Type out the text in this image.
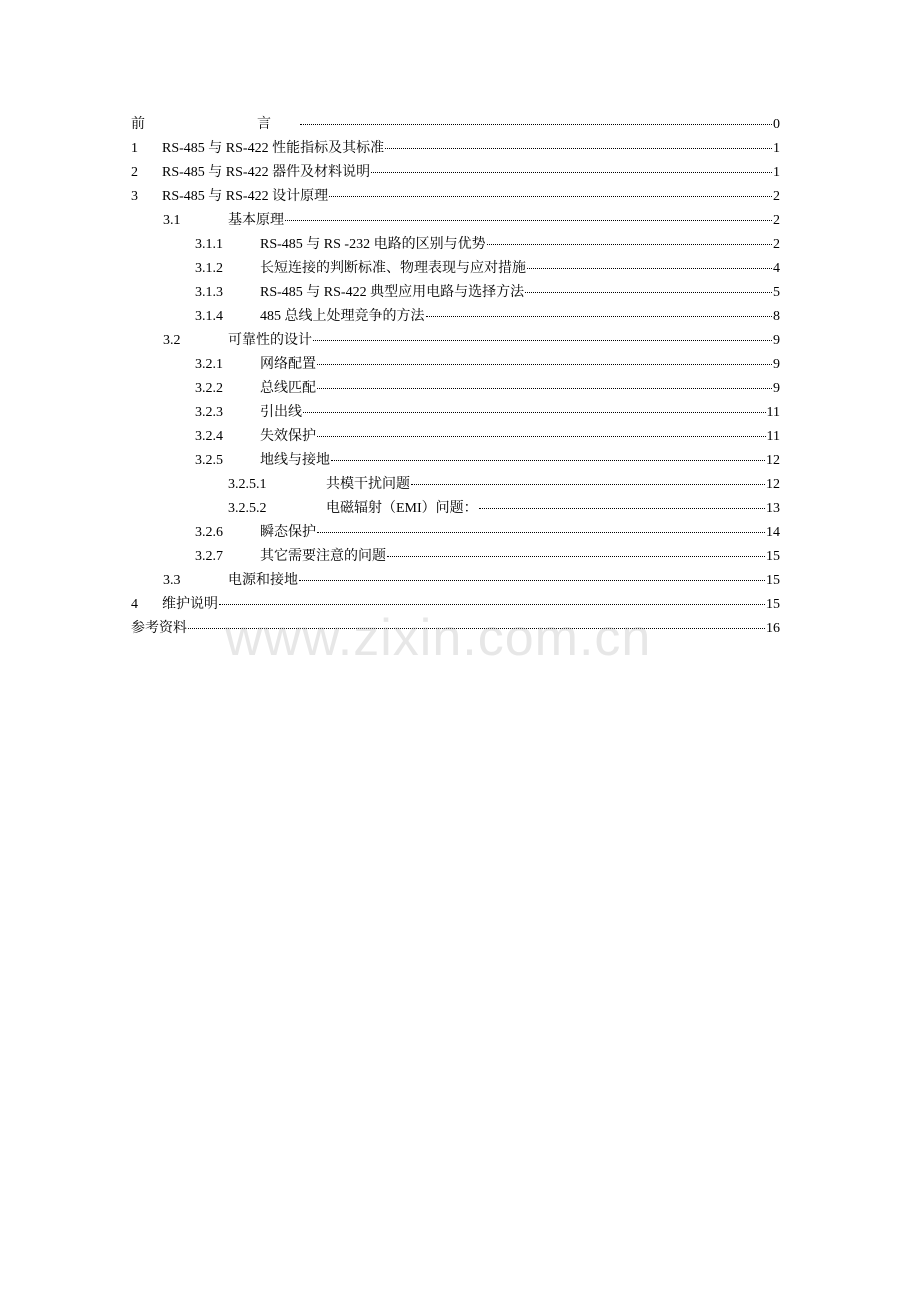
前　　言	0
1	RS-485 与 RS-422 性能指标及其标准	1
2	RS-485 与 RS-422 器件及材料说明	1
3	RS-485 与 RS-422 设计原理	2
3.1	基本原理	2
3.1.1	RS-485 与 RS -232 电路的区别与优势	2
3.1.2	长短连接的判断标准、物理表现与应对措施	4
3.1.3	RS-485 与 RS-422 典型应用电路与选择方法	5
3.1.4	485 总线上处理竞争的方法	8
3.2	可靠性的设计	9
3.2.1	网络配置	9
3.2.2	总线匹配	9
3.2.3	引出线	11
3.2.4	失效保护	11
3.2.5	地线与接地	12
3.2.5.1	共模干扰问题	12
3.2.5.2	电磁辐射（EMI）问题：	13
3.2.6	瞬态保护	14
3.2.7	其它需要注意的问题	15
3.3	电源和接地	15
4	维护说明	15
参考资料	16
www.zixin.com.cn
